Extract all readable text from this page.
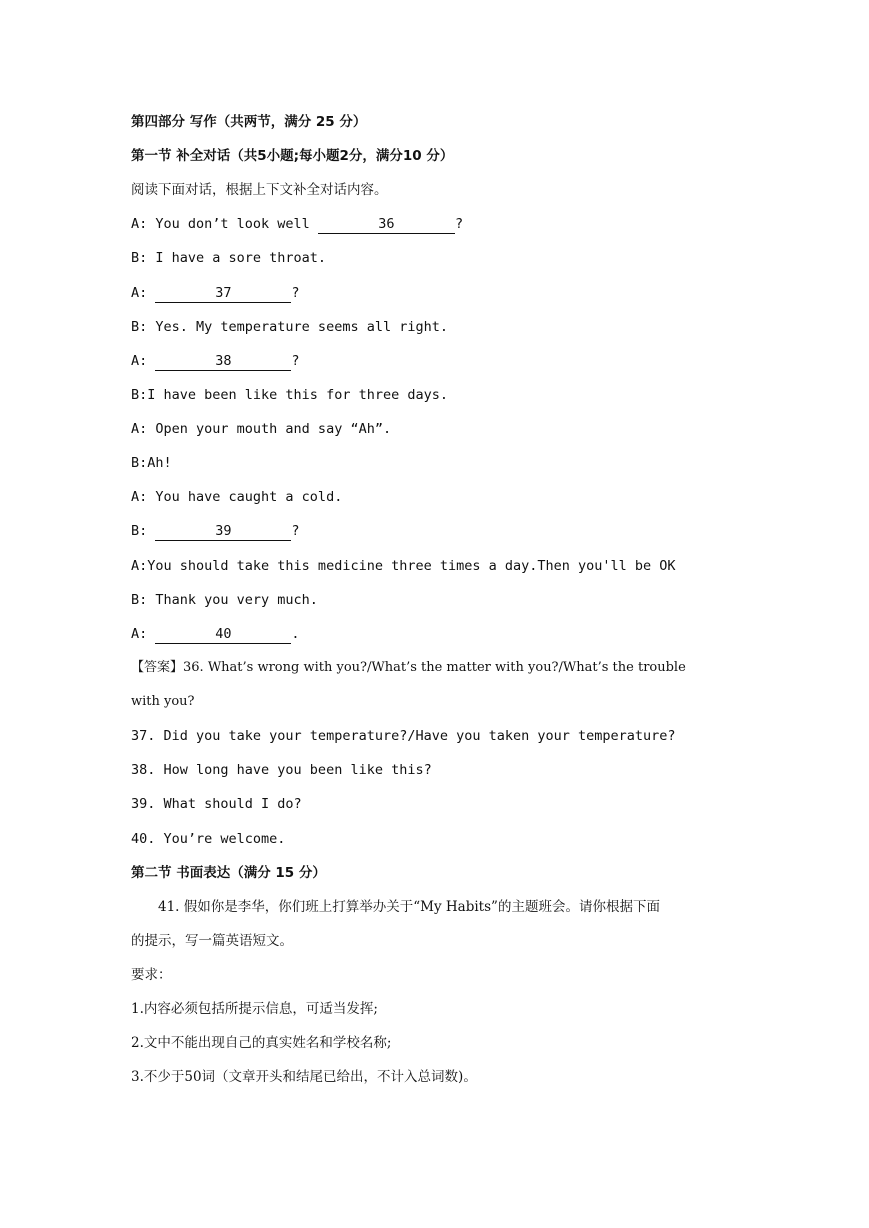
第四部分 写作（共两节，满分 25 分）
第一节 补全对话（共5小题;每小题2分，满分10 分）
阅读下面对话，根据上下文补全对话内容。
A: You don’t look well	36	?
B: I have a sore throat.
A:	37	?
B: Yes. My temperature seems all right.
A:	38	?
B:I have been like this for three days.
A: Open your mouth and say “Ah”.
B:Ah!
A: You have caught a cold.
B:	39	?
A:You should take this medicine three times a day.Then you'll be OK
B: Thank you very much.
A:	40	.
【答案】36. What’s wrong with you?/What’s the matter with you?/What’s the trouble
with you?
37. Did you take your temperature?/Have you taken your temperature?
38. How long have you been like this?
39. What should I do?
40. You’re welcome.
第二节 书面表达（满分 15 分）
41. 假如你是李华，你们班上打算举办关于“My Habits”的主题班会。请你根据下面
的提示，写一篇英语短文。
要求：
1.内容必须包括所提示信息，可适当发挥;
2.文中不能出现自己的真实姓名和学校名称;
3.不少于50词（文章开头和结尾已给出，不计入总词数)。
